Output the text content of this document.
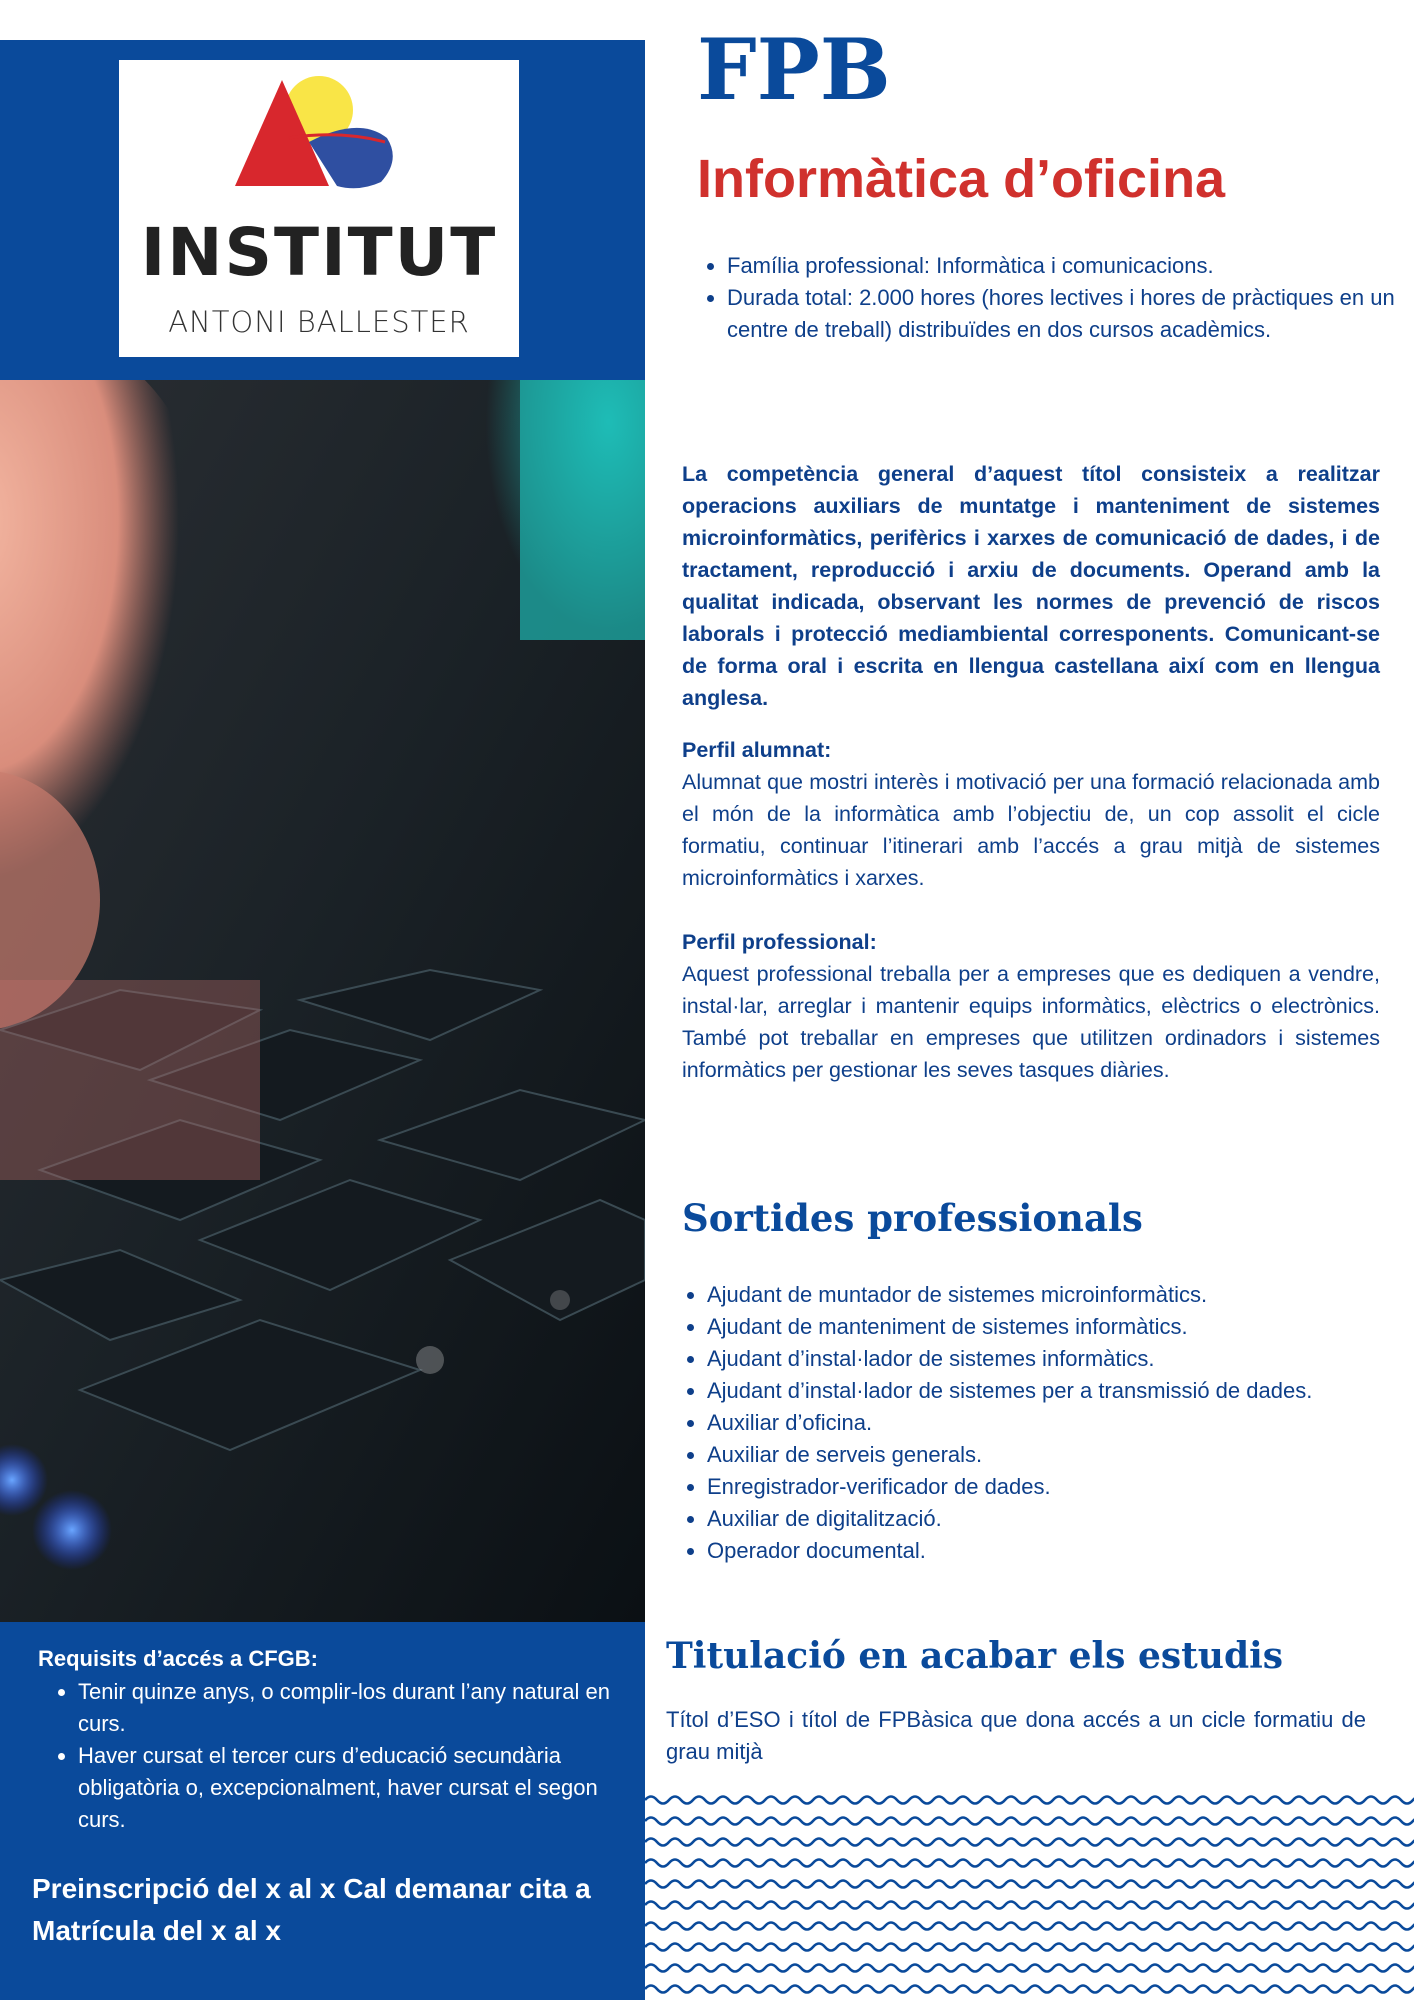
INSTITUT
ANTONI BALLESTER
Requisits d’accés a CFGB:
• Tenir quinze anys, o complir-los durant l’any natural en curs.
• Haver cursat el tercer curs d’educació secundària obligatòria o, excepcionalment, haver cursat el segon curs.
Preinscripció del x al x Cal demanar cita a
Matrícula del x al x
FPB
Informàtica d’oficina
• Família professional: Informàtica i comunicacions.
• Durada total: 2.000 hores (hores lectives i hores de pràctiques en un centre de treball) distribuïdes en dos cursos acadèmics.

La competència general d’aquest títol consisteix a realitzar operacions auxiliars de muntatge i manteniment de sistemes microinformàtics, perifèrics i xarxes de comunicació de dades, i de tractament, reproducció i arxiu de documents. Operand amb la qualitat indicada, observant les normes de prevenció de riscos laborals i protecció mediambiental corresponents. Comunicant-se de forma oral i escrita en llengua castellana així com en llengua anglesa.

Perfil alumnat:

Alumnat que mostri interès i motivació per una formació relacionada amb el món de la informàtica amb l’objectiu de, un cop assolit el cicle formatiu, continuar l’itinerari amb l’accés a grau mitjà de sistemes microinformàtics i xarxes.

Perfil professional:

Aquest professional treballa per a empreses que es dediquen a vendre, instal·lar, arreglar i mantenir equips informàtics, elèctrics o electrònics. També pot treballar en empreses que utilitzen ordinadors i sistemes informàtics per gestionar les seves tasques diàries.

Sortides professionals
• Ajudant de muntador de sistemes microinformàtics.
• Ajudant de manteniment de sistemes informàtics.
• Ajudant d’instal·lador de sistemes informàtics.
• Ajudant d’instal·lador de sistemes per a transmissió de dades.
• Auxiliar d’oficina.
• Auxiliar de serveis generals.
• Enregistrador-verificador de dades.
• Auxiliar de digitalització.
• Operador documental.
Titulació en acabar els estudis

Títol d’ESO i títol de FPBàsica que dona accés a un cicle formatiu de grau mitjà
